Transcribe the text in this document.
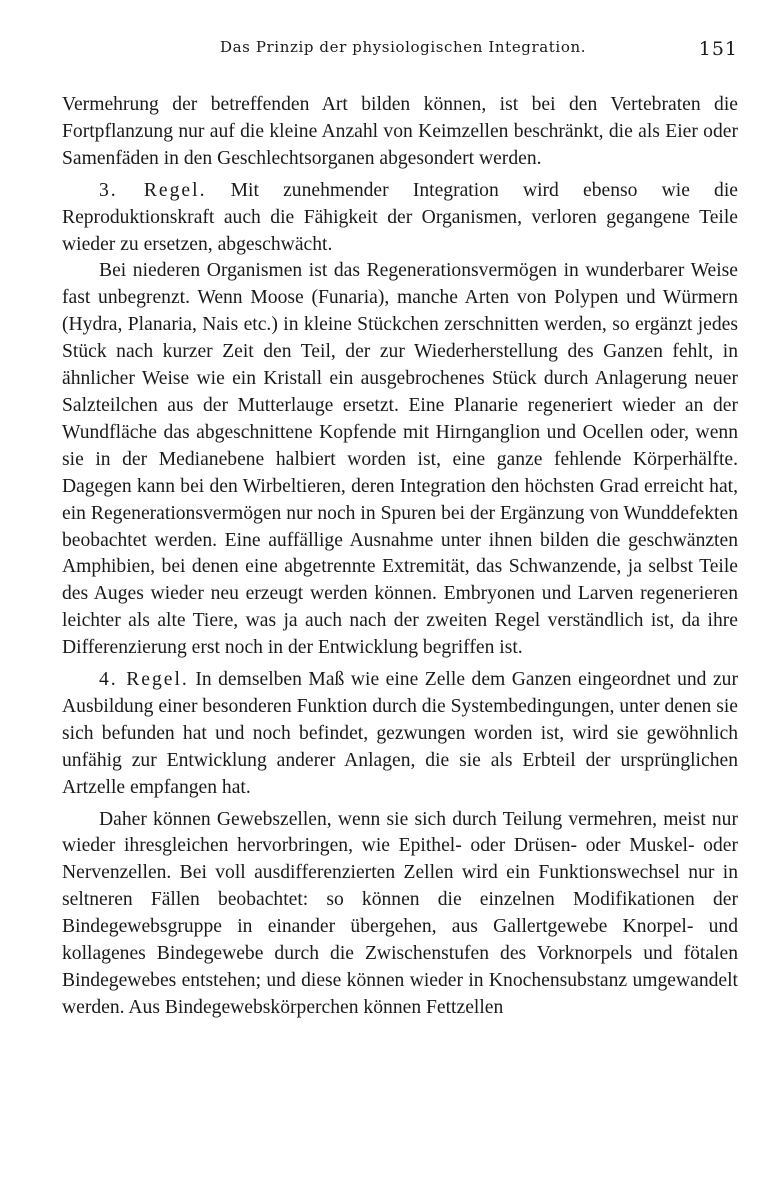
Das Prinzip der physiologischen Integration.	151

Vermehrung der betreffenden Art bilden können, ist bei den Vertebraten die Fortpflanzung nur auf die kleine Anzahl von Keimzellen beschränkt, die als Eier oder Samenfäden in den Geschlechtsorganen abgesondert werden.

3. Regel. Mit zunehmender Integration wird ebenso wie die Reproduktionskraft auch die Fähigkeit der Organismen, verloren gegangene Teile wieder zu ersetzen, abgeschwächt.

Bei niederen Organismen ist das Regenerationsvermögen in wunderbarer Weise fast unbegrenzt. Wenn Moose (Funaria), manche Arten von Polypen und Würmern (Hydra, Planaria, Nais etc.) in kleine Stückchen zerschnitten werden, so ergänzt jedes Stück nach kurzer Zeit den Teil, der zur Wiederherstellung des Ganzen fehlt, in ähnlicher Weise wie ein Kristall ein ausgebrochenes Stück durch Anlagerung neuer Salzteilchen aus der Mutterlauge ersetzt. Eine Planarie regeneriert wieder an der Wundfläche das abgeschnittene Kopfende mit Hirnganglion und Ocellen oder, wenn sie in der Medianebene halbiert worden ist, eine ganze fehlende Körperhälfte. Dagegen kann bei den Wirbeltieren, deren Integration den höchsten Grad erreicht hat, ein Regenerationsvermögen nur noch in Spuren bei der Ergänzung von Wunddefekten beobachtet werden. Eine auffällige Ausnahme unter ihnen bilden die geschwänzten Amphibien, bei denen eine abgetrennte Extremität, das Schwanzende, ja selbst Teile des Auges wieder neu erzeugt werden können. Embryonen und Larven regenerieren leichter als alte Tiere, was ja auch nach der zweiten Regel verständlich ist, da ihre Differenzierung erst noch in der Entwicklung begriffen ist.

4. Regel. In demselben Maß wie eine Zelle dem Ganzen eingeordnet und zur Ausbildung einer besonderen Funktion durch die Systembedingungen, unter denen sie sich befunden hat und noch befindet, gezwungen worden ist, wird sie gewöhnlich unfähig zur Entwicklung anderer Anlagen, die sie als Erbteil der ursprünglichen Artzelle empfangen hat.

Daher können Gewebszellen, wenn sie sich durch Teilung vermehren, meist nur wieder ihresgleichen hervorbringen, wie Epithel- oder Drüsen- oder Muskel- oder Nervenzellen. Bei voll ausdifferenzierten Zellen wird ein Funktionswechsel nur in seltneren Fällen beobachtet: so können die einzelnen Modifikationen der Bindegewebsgruppe in einander übergehen, aus Gallertgewebe Knorpel- und kollagenes Bindegewebe durch die Zwischenstufen des Vorknorpels und fötalen Bindegewebes entstehen; und diese können wieder in Knochensubstanz umgewandelt werden. Aus Bindegewebskörperchen können Fettzellen
